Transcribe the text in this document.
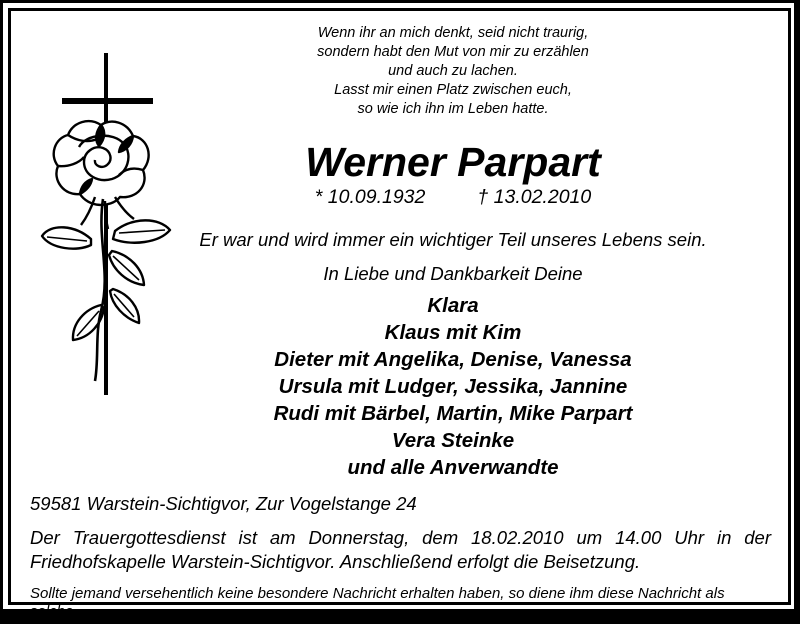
Wenn ihr an mich denkt, seid nicht traurig,
sondern habt den Mut von mir zu erzählen
und auch zu lachen.
Lasst mir einen Platz zwischen euch,
so wie ich ihn im Leben hatte.
Werner Parpart
* 10.09.1932	† 13.02.2010
Er war und wird immer ein wichtiger Teil unseres Lebens sein.
In Liebe und Dankbarkeit Deine
Klara
Klaus mit Kim
Dieter mit Angelika, Denise, Vanessa
Ursula mit Ludger, Jessika, Jannine
Rudi mit Bärbel, Martin, Mike Parpart
Vera Steinke
und alle Anverwandte
59581 Warstein-Sichtigvor, Zur Vogelstange 24
Der Trauergottesdienst ist am Donnerstag, dem 18.02.2010 um 14.00 Uhr in der
Friedhofskapelle Warstein-Sichtigvor. Anschließend erfolgt die Beisetzung.
Sollte jemand versehentlich keine besondere Nachricht erhalten haben, so diene ihm diese Nachricht als solche.
